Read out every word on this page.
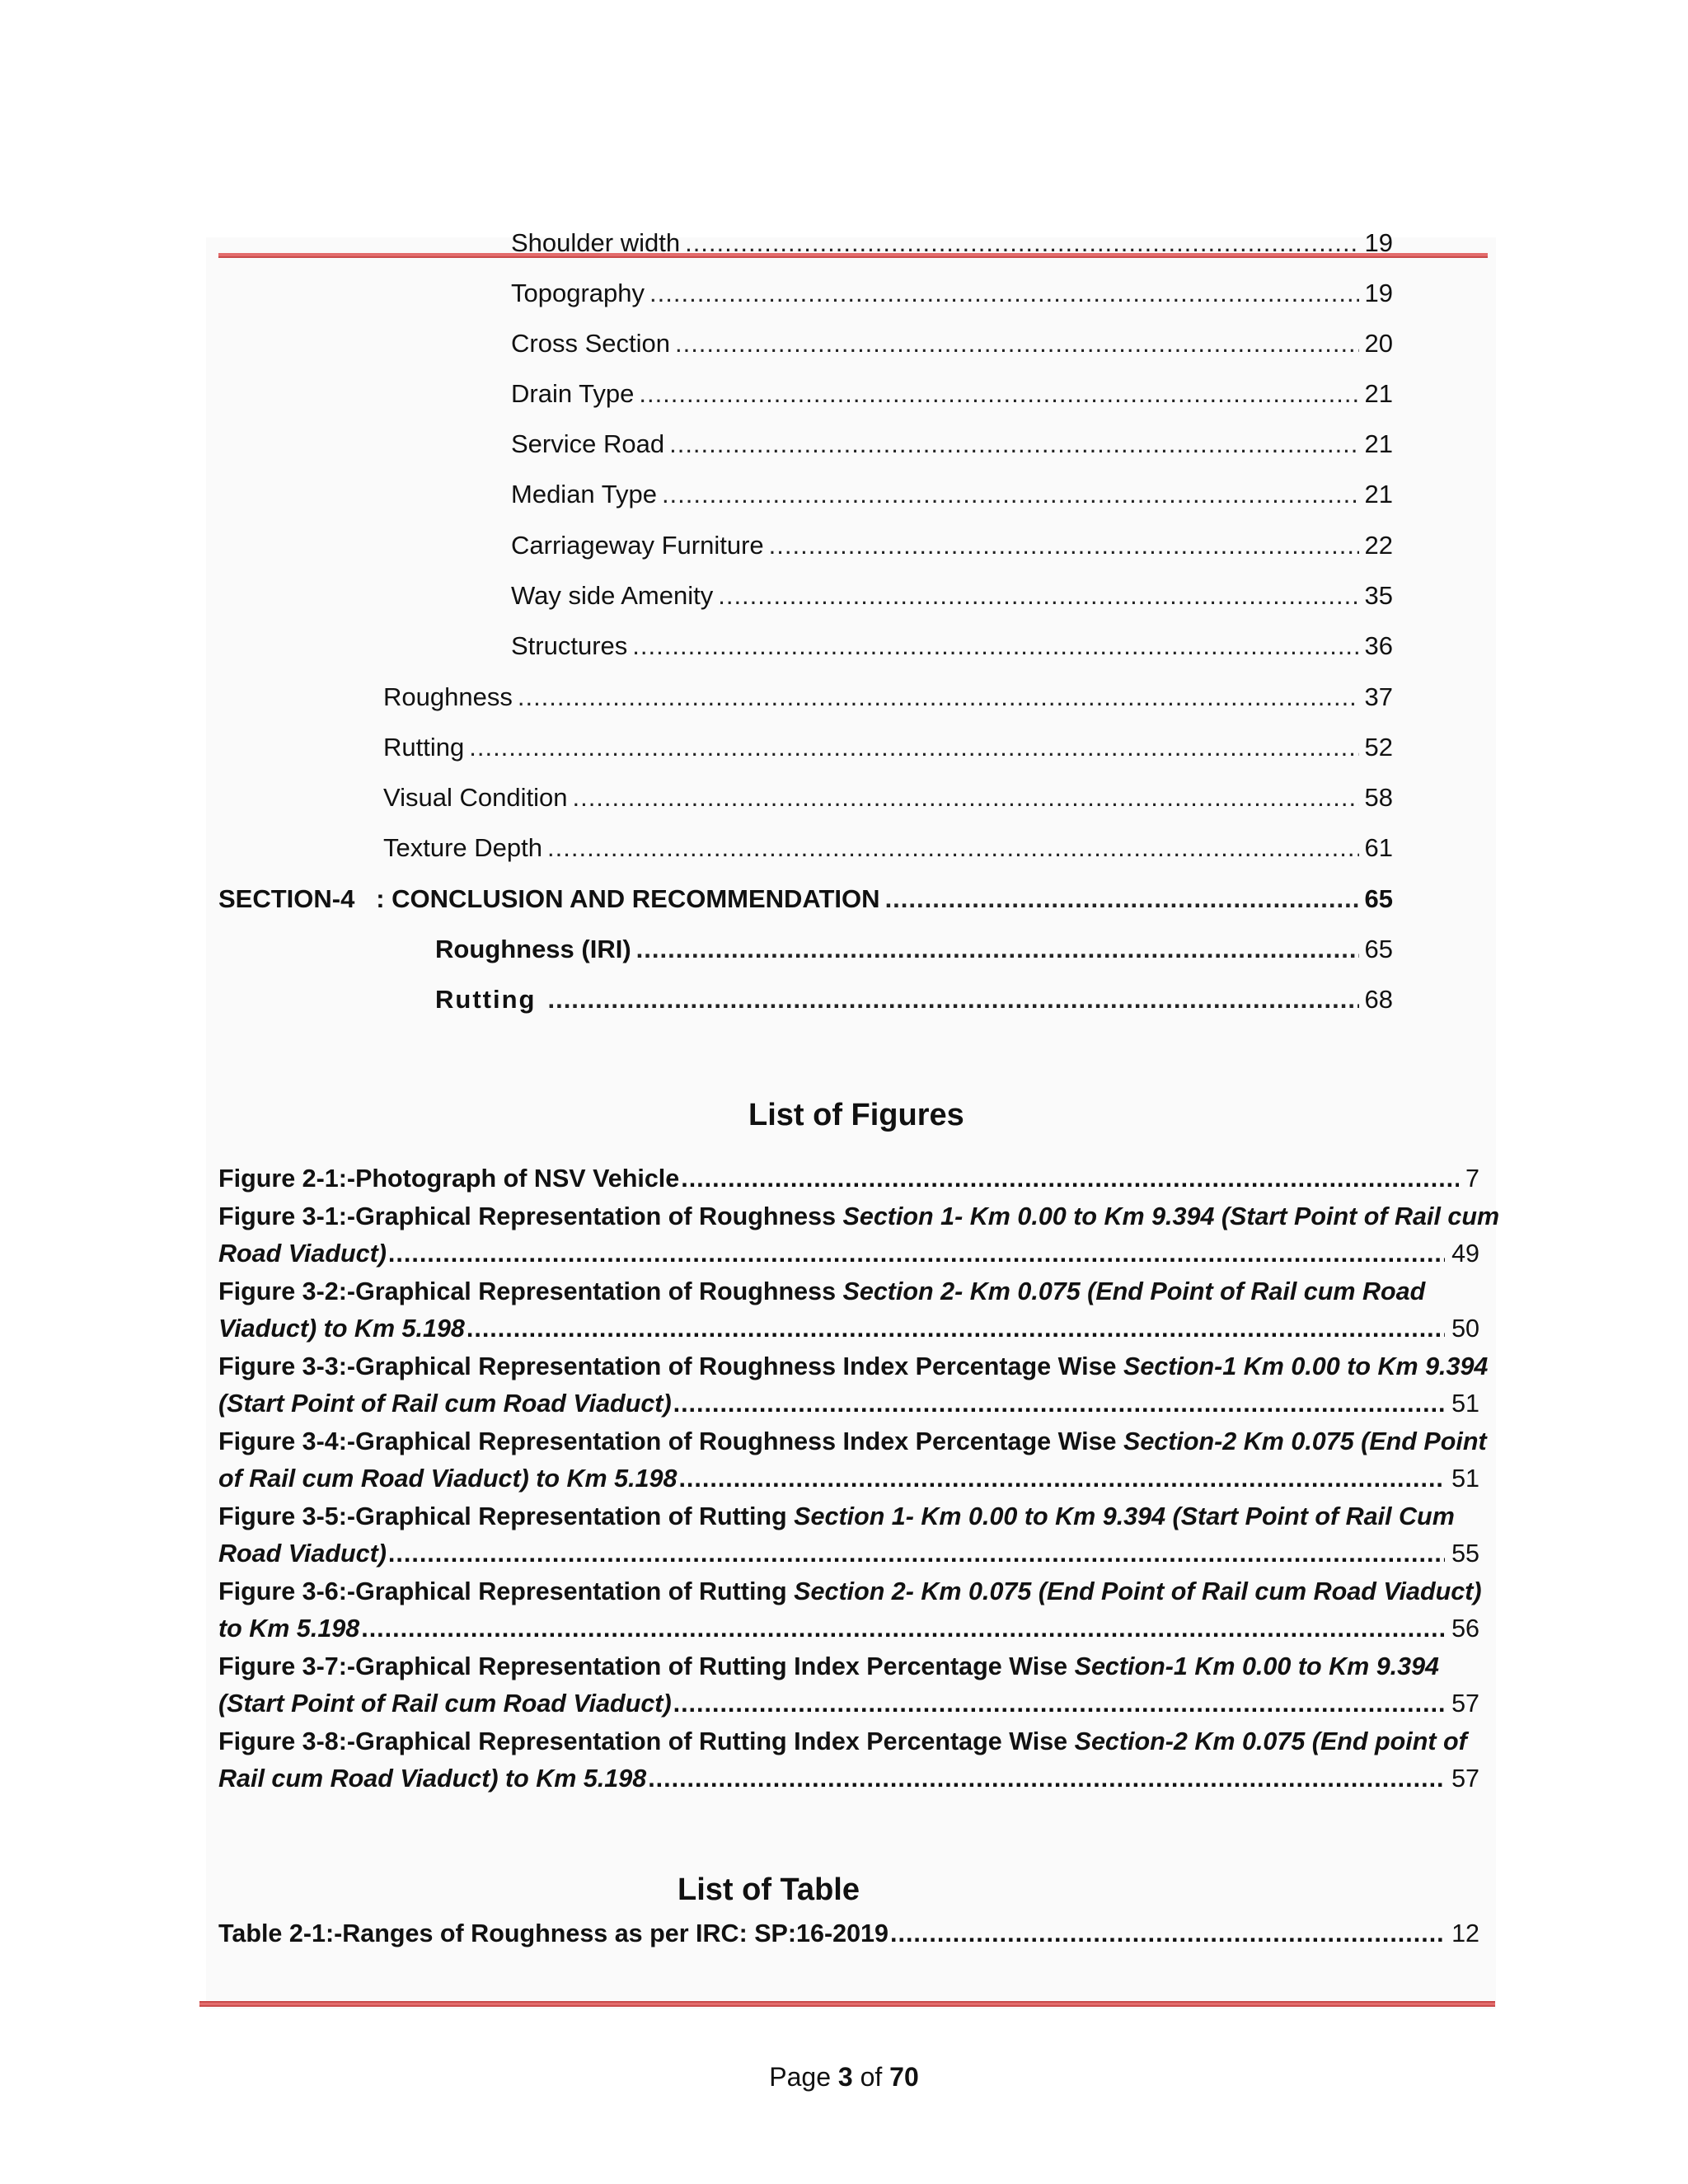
Shoulder width .....	19
Topography .....	19
Cross Section .....	20
Drain Type .....	21
Service Road .....	21
Median Type .....	21
Carriageway Furniture .....	22
Way side Amenity .....	35
Structures .....	36
Roughness .....	37
Rutting .....	52
Visual Condition .....	58
Texture Depth .....	61
SECTION-4   : CONCLUSION AND RECOMMENDATION .....	65
Roughness (IRI) .....	65
Rutting .....	68
List of Figures
Figure 2-1:-Photograph of NSV Vehicle .....	7
Figure 3-1:-Graphical Representation of Roughness Section 1- Km 0.00 to Km 9.394 (Start Point of Rail cum
Road Viaduct) .....	49
Figure 3-2:-Graphical Representation of Roughness Section 2- Km 0.075 (End Point of Rail cum Road
Viaduct) to Km 5.198 .....	50
Figure 3-3:-Graphical Representation of Roughness Index Percentage Wise Section-1 Km 0.00 to Km 9.394
(Start Point of Rail cum Road Viaduct) .....	51
Figure 3-4:-Graphical Representation of Roughness Index Percentage Wise Section-2 Km 0.075 (End Point
of Rail cum Road Viaduct) to Km 5.198 .....	51
Figure 3-5:-Graphical Representation of Rutting Section 1- Km 0.00 to Km 9.394 (Start Point of Rail Cum
Road Viaduct) .....	55
Figure 3-6:-Graphical Representation of Rutting Section 2- Km 0.075 (End Point of Rail cum Road Viaduct)
to Km 5.198 .....	56
Figure 3-7:-Graphical Representation of Rutting Index Percentage Wise Section-1 Km 0.00 to Km 9.394
(Start Point of Rail cum Road Viaduct) .....	57
Figure 3-8:-Graphical Representation of Rutting Index Percentage Wise Section-2 Km 0.075 (End point of
Rail cum Road Viaduct) to Km 5.198 .....	57
List of Table
Table 2-1:-Ranges of Roughness as per IRC: SP:16-2019 .....	12
Page 3 of 70
